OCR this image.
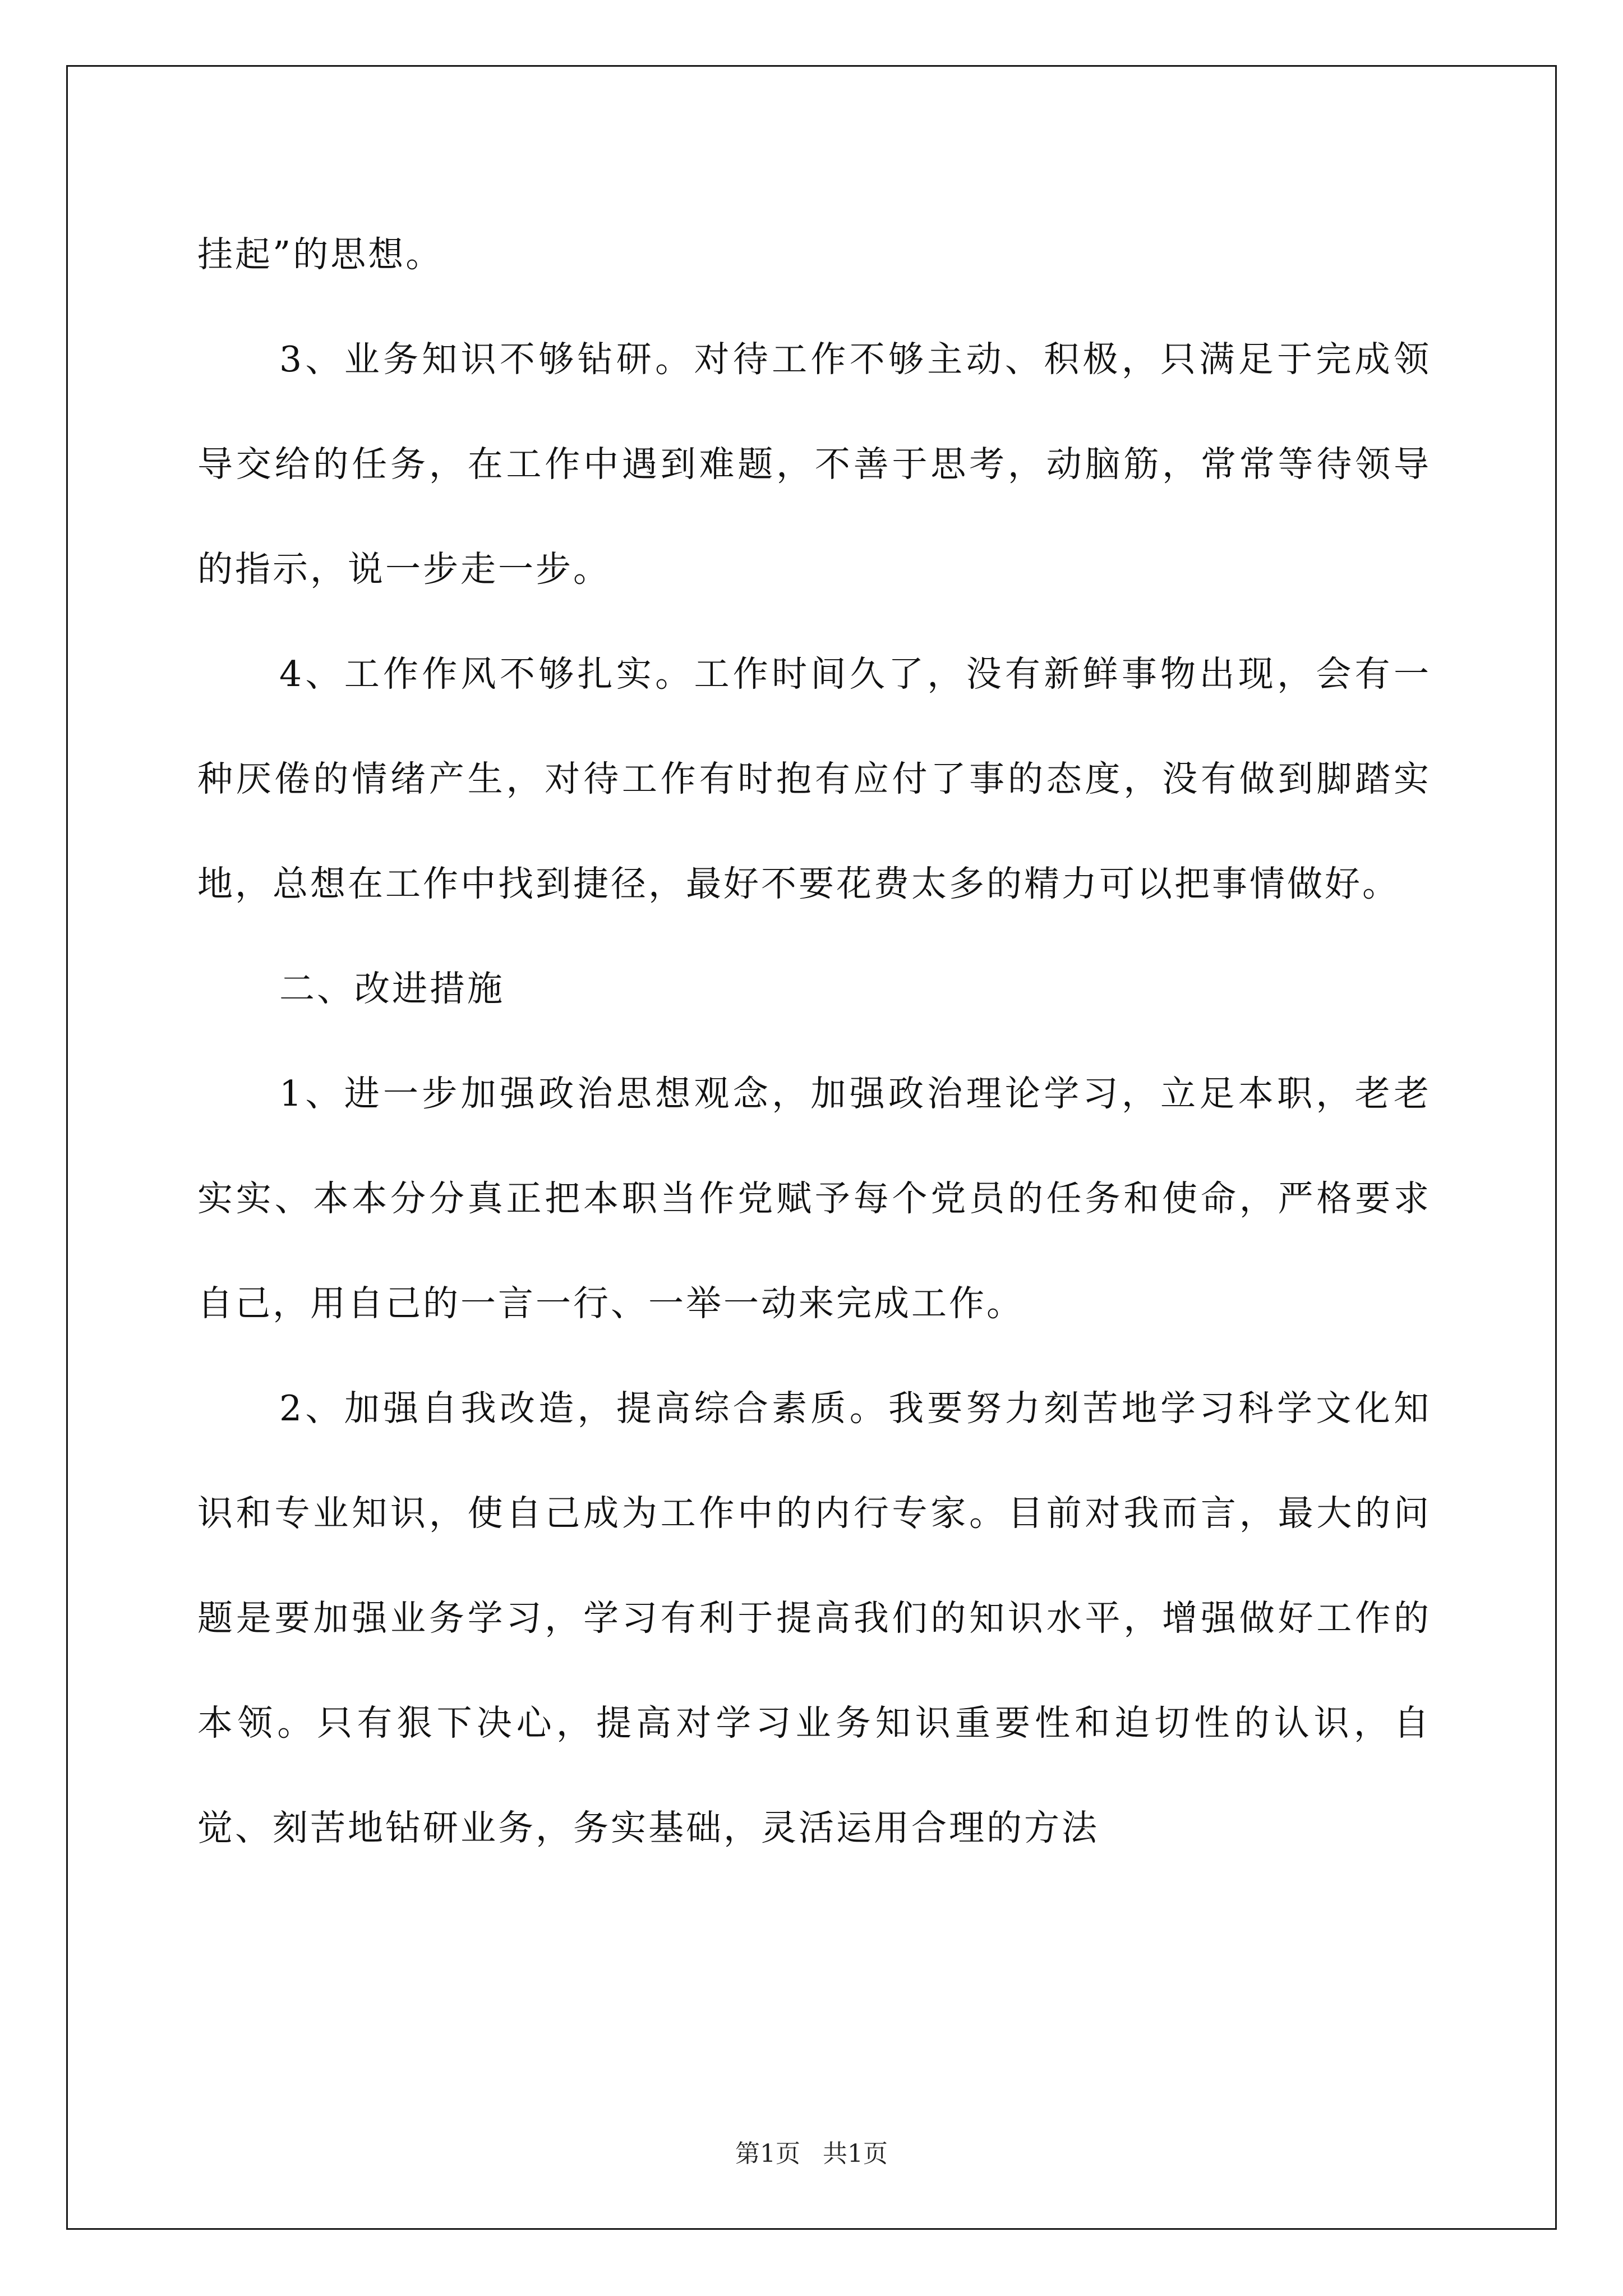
挂起”的思想。

3、业务知识不够钻研。对待工作不够主动、积极，只满足于完成领导交给的任务，在工作中遇到难题，不善于思考，动脑筋，常常等待领导的指示，说一步走一步。

4、工作作风不够扎实。工作时间久了，没有新鲜事物出现，会有一种厌倦的情绪产生，对待工作有时抱有应付了事的态度，没有做到脚踏实地，总想在工作中找到捷径，最好不要花费太多的精力可以把事情做好。

二、改进措施

1、进一步加强政治思想观念，加强政治理论学习，立足本职，老老实实、本本分分真正把本职当作党赋予每个党员的任务和使命，严格要求自己，用自己的一言一行、一举一动来完成工作。

2、加强自我改造，提高综合素质。我要努力刻苦地学习科学文化知识和专业知识，使自己成为工作中的内行专家。目前对我而言，最大的问题是要加强业务学习，学习有利于提高我们的知识水平，增强做好工作的本领。只有狠下决心，提高对学习业务知识重要性和迫切性的认识，自觉、刻苦地钻研业务，务实基础，灵活运用合理的方法

第1页 共1页
